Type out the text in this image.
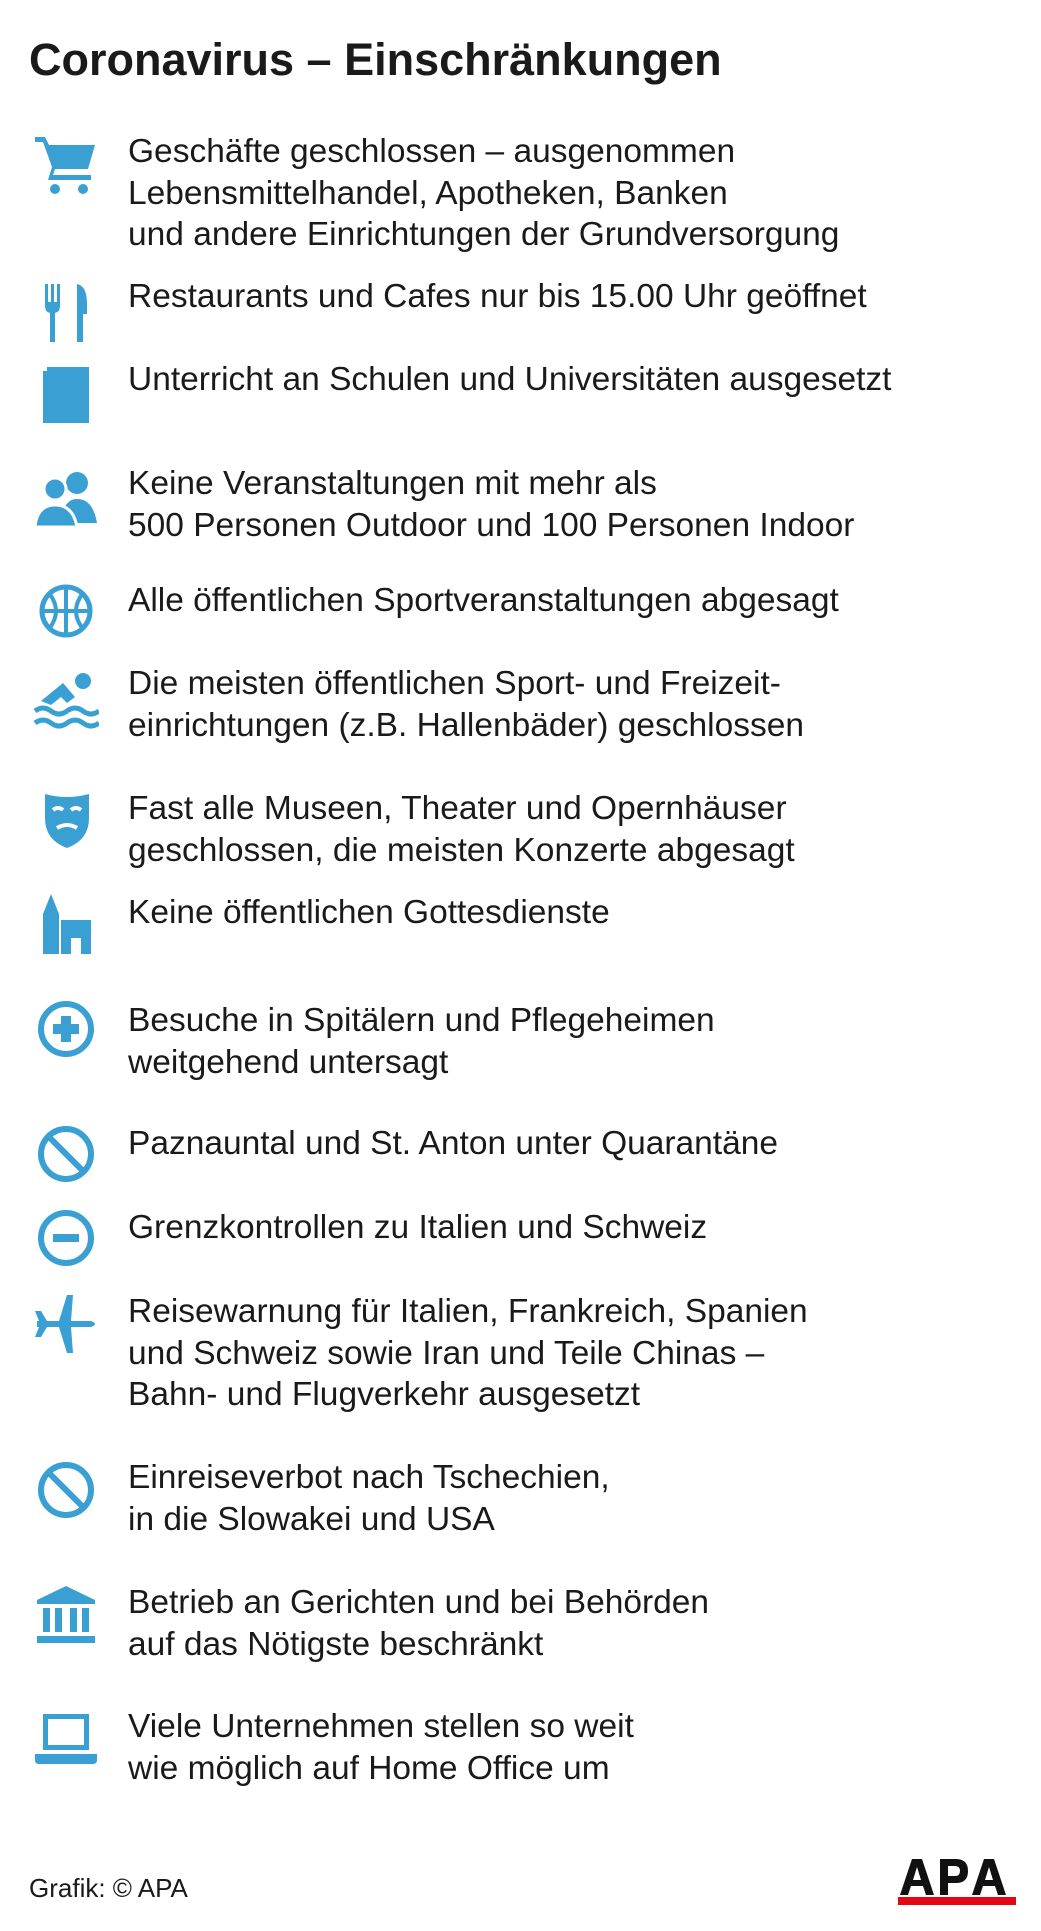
Coronavirus – Einschränkungen

Geschäfte geschlossen – ausgenommen
Lebensmittelhandel, Apotheken, Banken
und andere Einrichtungen der Grundversorgung

Restaurants und Cafes nur bis 15.00 Uhr geöffnet

Unterricht an Schulen und Universitäten ausgesetzt

Keine Veranstaltungen mit mehr als
500 Personen Outdoor und 100 Personen Indoor

Alle öffentlichen Sportveranstaltungen abgesagt

Die meisten öffentlichen Sport- und Freizeit-
einrichtungen (z.B. Hallenbäder) geschlossen

Fast alle Museen, Theater und Opernhäuser
geschlossen, die meisten Konzerte abgesagt

Keine öffentlichen Gottesdienste

Besuche in Spitälern und Pflegeheimen
weitgehend untersagt

Paznauntal und St. Anton unter Quarantäne

Grenzkontrollen zu Italien und Schweiz

Reisewarnung für Italien, Frankreich, Spanien
und Schweiz sowie Iran und Teile Chinas –
Bahn- und Flugverkehr ausgesetzt

Einreiseverbot nach Tschechien,
in die Slowakei und USA

Betrieb an Gerichten und bei Behörden
auf das Nötigste beschränkt

Viele Unternehmen stellen so weit
wie möglich auf Home Office um

Grafik: © APA
